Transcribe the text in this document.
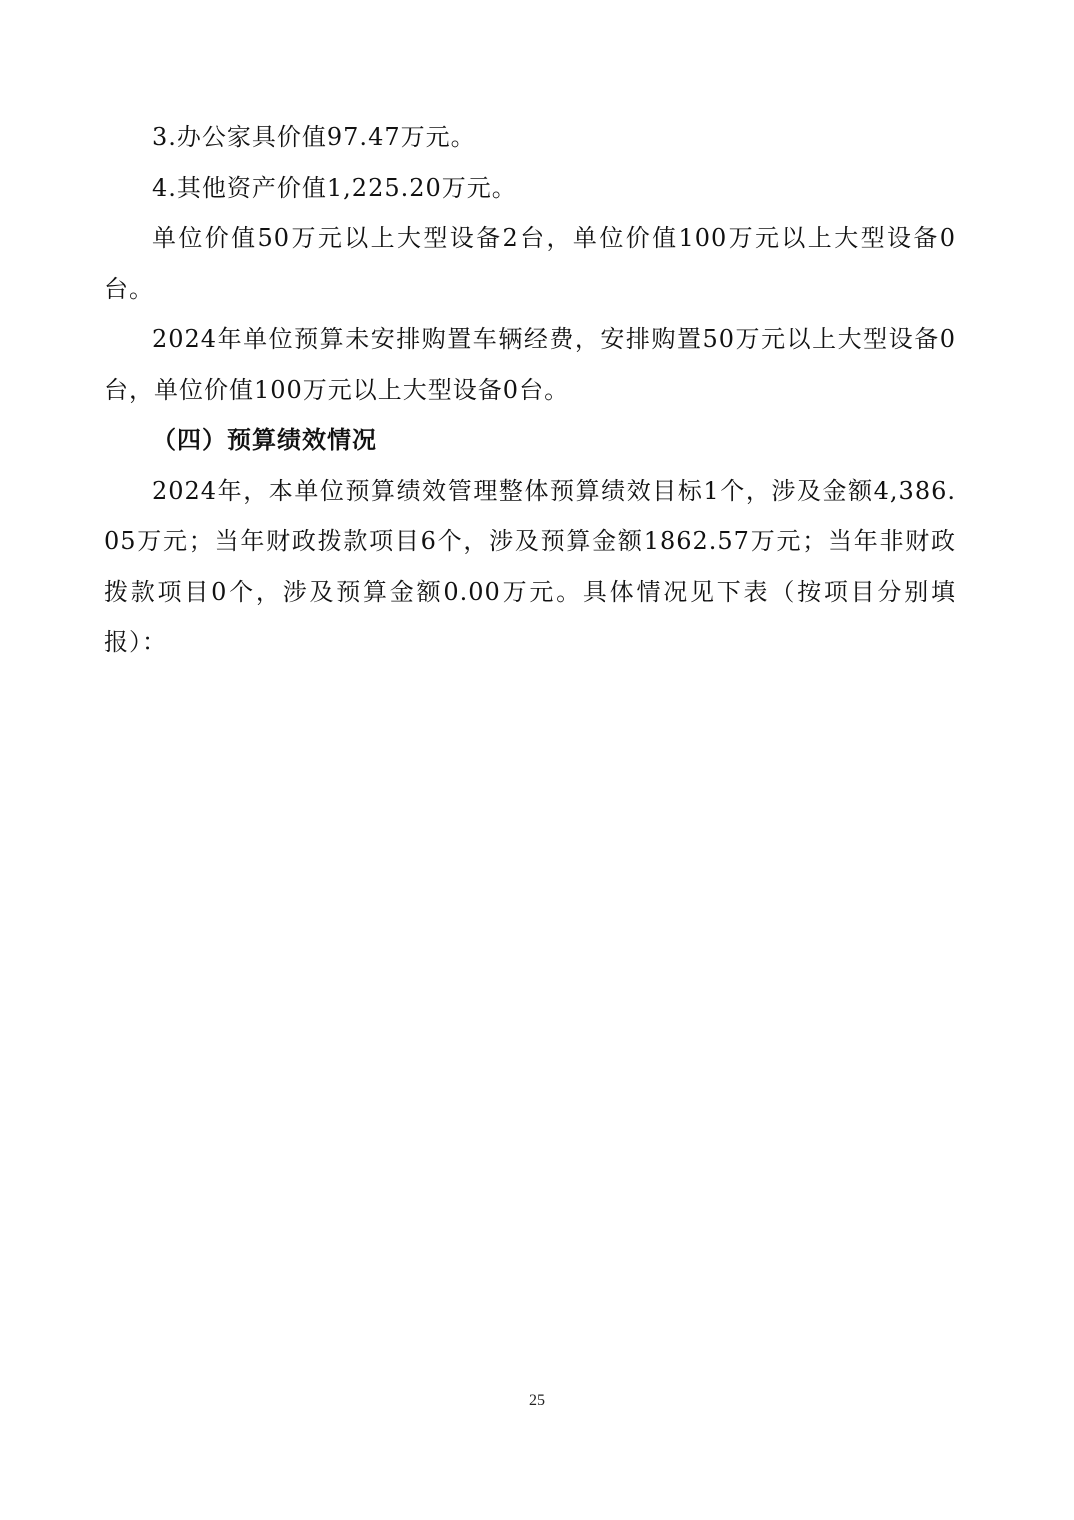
3.办公家具价值97.47万元。

4.其他资产价值1,225.20万元。

单位价值50万元以上大型设备2台，单位价值100万元以上大型设备0台。

2024年单位预算未安排购置车辆经费，安排购置50万元以上大型设备0台，单位价值100万元以上大型设备0台。

（四）预算绩效情况

2024年，本单位预算绩效管理整体预算绩效目标1个，涉及金额4,386.05万元；当年财政拨款项目6个，涉及预算金额1862.57万元；当年非财政拨款项目0个，涉及预算金额0.00万元。具体情况见下表（按项目分别填报）：

25
